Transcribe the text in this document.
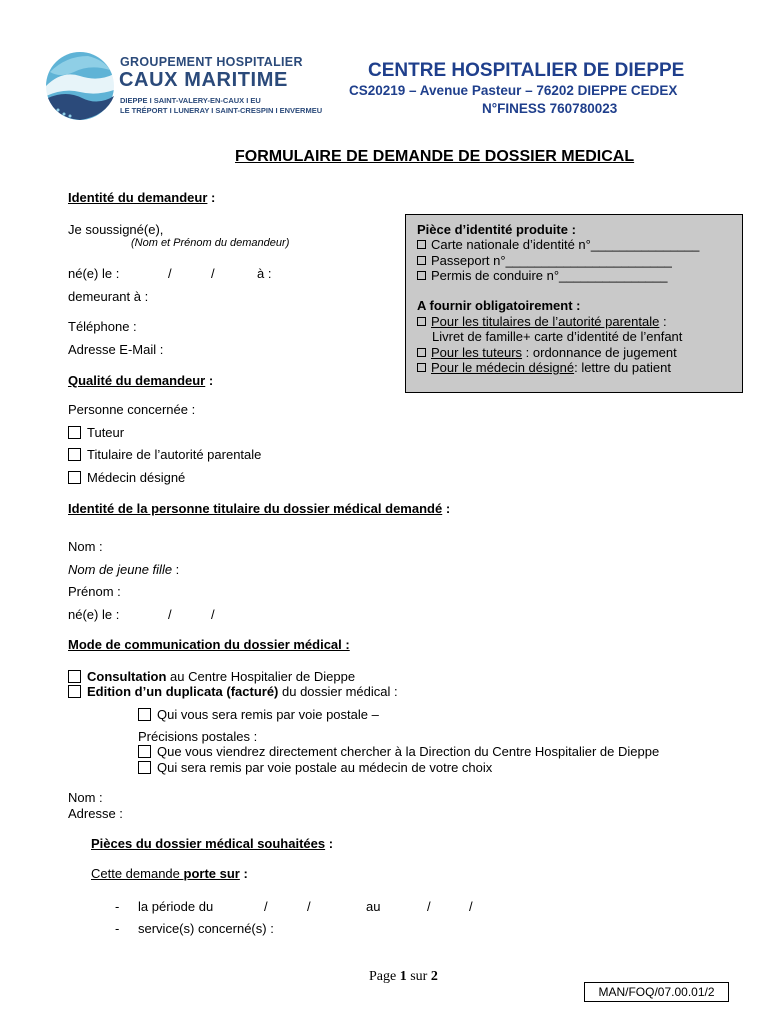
GROUPEMENT HOSPITALIER
CAUX MARITIME
DIEPPE I SAINT-VALERY-EN-CAUX I EU
LE TRÉPORT I LUNERAY I SAINT-CRESPIN I ENVERMEU
CENTRE HOSPITALIER DE DIEPPE
CS20219 – Avenue Pasteur – 76202 DIEPPE CEDEX
N°FINESS 760780023
FORMULAIRE DE DEMANDE DE DOSSIER MEDICAL
Identité du demandeur :
Je soussigné(e),
(Nom et Prénom du demandeur)
né(e) le :	/	/	à :
demeurant à :
Téléphone :
Adresse E-Mail :
Pièce d’identité produite :
Carte nationale d’identité n°_______________
Passeport n°_______________________
Permis de conduire n°_______________
A fournir obligatoirement :
Pour les titulaires de l’autorité parentale :
Livret de famille+ carte d’identité de l’enfant
Pour les tuteurs : ordonnance de jugement
Pour le médecin désigné: lettre du patient
Qualité du demandeur :
Personne concernée :
Tuteur
Titulaire de l’autorité parentale
Médecin désigné
Identité de la personne titulaire du dossier médical demandé :
Nom :
Nom de jeune fille :
Prénom :
né(e) le :	/	/
Mode de communication du dossier médical :
Consultation au Centre Hospitalier de Dieppe
Edition d’un duplicata (facturé) du dossier médical :
Qui vous sera remis par voie postale –
Précisions postales :
Que vous viendrez directement chercher à la Direction du Centre Hospitalier de Dieppe
Qui sera remis par voie postale au médecin de votre choix
Nom :
Adresse :
Pièces du dossier médical souhaitées :
Cette demande porte sur :
- la période du	/	/	au	/	/
- service(s) concerné(s) :
Page 1 sur 2
MAN/FOQ/07.00.01/2
